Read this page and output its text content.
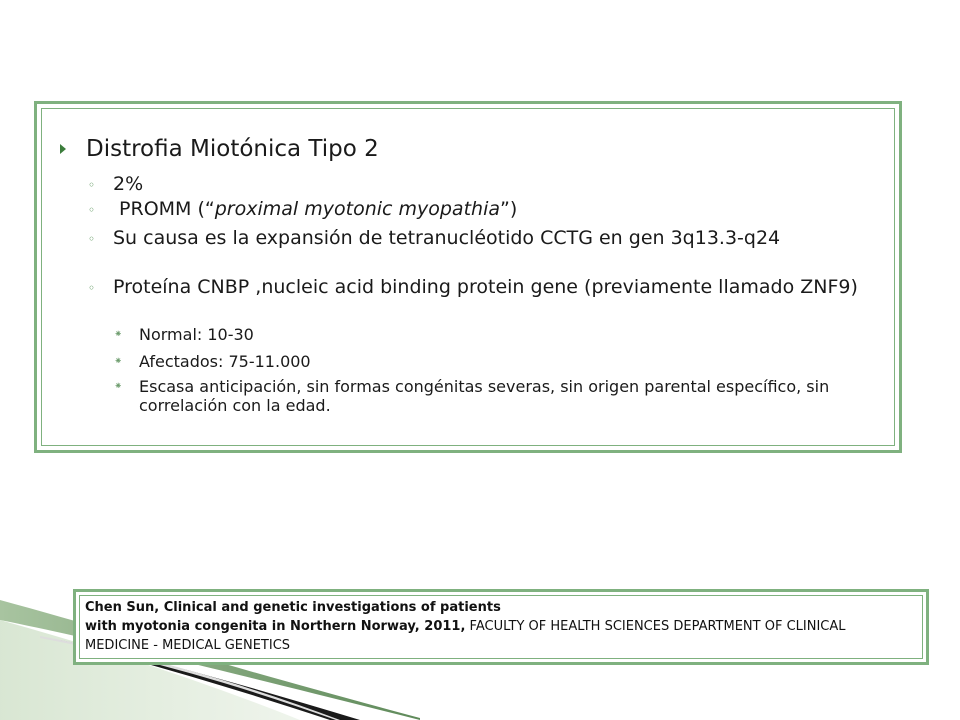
Distrofia Miotónica Tipo 2
◦ 2%
◦ PROMM (“proximal myotonic myopathia”)
◦ Su causa es la expansión de tetranucléotido CCTG en gen 3q13.3-q24
◦ Proteína CNBP ,nucleic acid binding protein gene (previamente llamado ZNF9)
⁕ Normal: 10-30
⁕ Afectados: 75-11.000
⁕ Escasa anticipación, sin formas congénitas severas, sin origen parental específico, sin correlación con la edad.
Chen Sun, Clinical and genetic investigations of patients
with myotonia congenita in Northern Norway, 2011, FACULTY OF HEALTH SCIENCES DEPARTMENT OF CLINICAL MEDICINE - MEDICAL GENETICS
